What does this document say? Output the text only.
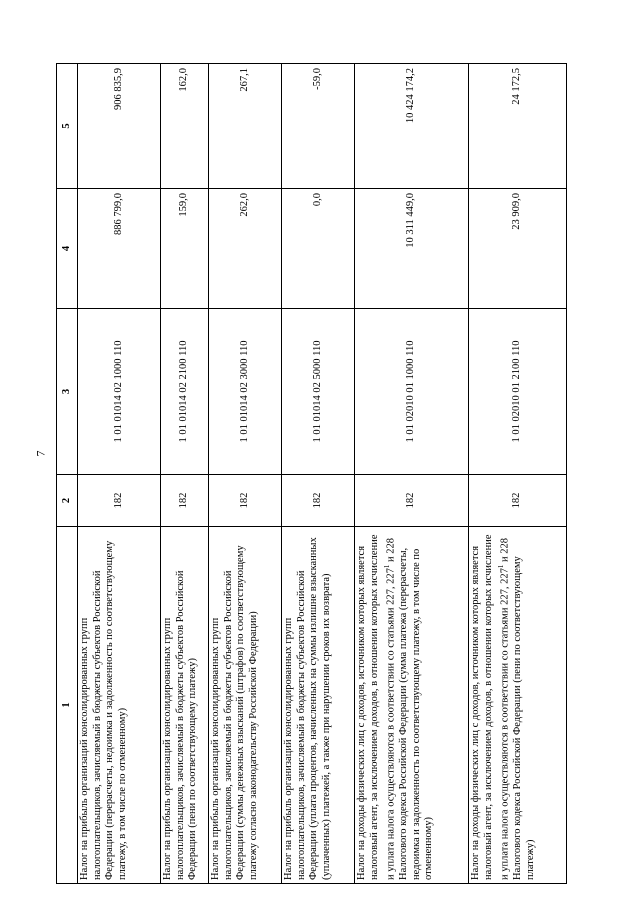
7
1	2	3	4	5
Налог на прибыль организаций консолидированных групп налогоплательщиков, зачисляемый в бюджеты субъектов Российской Федерации (перерасчеты, недоимка и задолженность по соответствующему платежу, в том числе по отмененному)	182	1 01 01014 02 1000 110	886 799,0	906 835,9
Налог на прибыль организаций консолидированных групп налогоплательщиков, зачисляемый в бюджеты субъектов Российской Федерации (пени по соответствующему платежу)	182	1 01 01014 02 2100 110	159,0	162,0
Налог на прибыль организаций консолидированных групп налогоплательщиков, зачисляемый в бюджеты субъектов Российской Федерации (суммы денежных взысканий (штрафов) по соответствующему платежу согласно законодательству Российской Федерации)	182	1 01 01014 02 3000 110	262,0	267,1
Налог на прибыль организаций консолидированных групп налогоплательщиков, зачисляемый в бюджеты субъектов Российской Федерации (уплата процентов, начисленных на суммы излишне взысканных (уплаченных) платежей, а также при нарушении сроков их возврата)	182	1 01 01014 02 5000 110	0,0	-59,0
Налог на доходы физических лиц с доходов, источником которых является налоговый агент, за исключением доходов, в отношении которых исчисление и уплата налога осуществляются в соответствии со статьями 227, $227^1$ и 228 Налогового кодекса Российской Федерации (сумма платежа (перерасчеты, недоимка и задолженность по соответствующему платежу, в том числе по отмененному)	182	1 01 02010 01 1000 110	10 311 449,0	10 424 174,2
Налог на доходы физических лиц с доходов, источником которых является налоговый агент, за исключением доходов, в отношении которых исчисление и уплата налога осуществляются в соответствии со статьями 227, $227^1$ и 228 Налогового кодекса Российской Федерации (пени по соответствующему платежу)	182	1 01 02010 01 2100 110	23 909,0	24 172,5
